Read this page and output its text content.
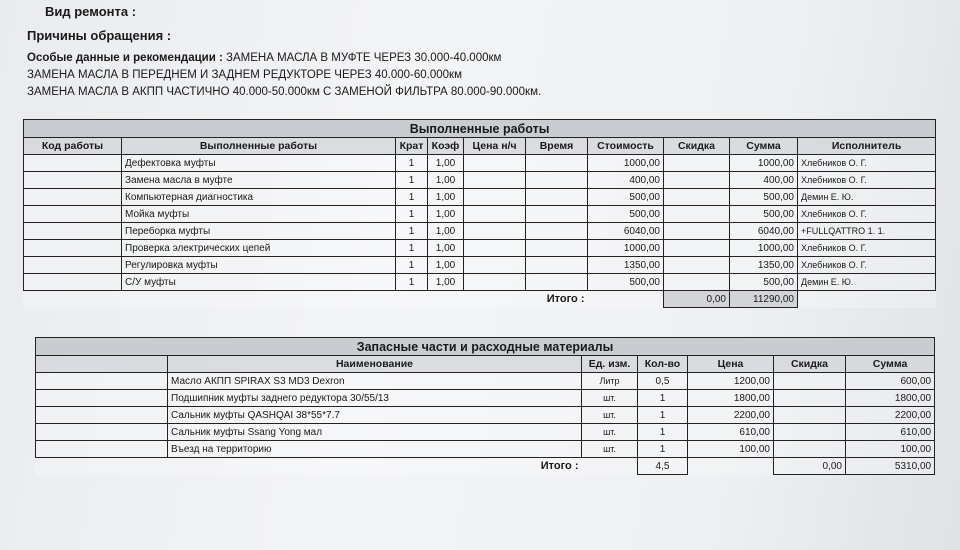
Вид ремонта :
Причины обращения :
Особые данные и рекомендации : ЗАМЕНА МАСЛА В МУФТЕ ЧЕРЕЗ 30.000-40.000км
ЗАМЕНА МАСЛА В ПЕРЕДНЕМ И ЗАДНЕМ РЕДУКТОРЕ ЧЕРЕЗ 40.000-60.000км
ЗАМЕНА МАСЛА В АКПП ЧАСТИЧНО 40.000-50.000км С ЗАМЕНОЙ ФИЛЬТРА 80.000-90.000км.
Выполненные работы									
Код работы	Выполненные работы	Крат	Коэф	Цена н/ч	Время	Стоимость	Скидка	Сумма	Исполнитель
	Дефектовка муфты	1	1,00			1000,00		1000,00	Хлебников О. Г.
	Замена масла в муфте	1	1,00			400,00		400,00	Хлебников О. Г.
	Компьютерная диагностика	1	1,00			500,00		500,00	Демин Е. Ю.
	Мойка муфты	1	1,00			500,00		500,00	Хлебников О. Г.
	Переборка муфты	1	1,00			6040,00		6040,00	+FULLQATTRO 1. 1.
	Проверка электрических цепей	1	1,00			1000,00		1000,00	Хлебников О. Г.
	Регулировка муфты	1	1,00			1350,00		1350,00	Хлебников О. Г.
	С/У муфты	1	1,00			500,00		500,00	Демин Е. Ю.
Итого :							0,00	11290,00	
Запасные части и расходные материалы						
	Наименование	Ед. изм.	Кол-во	Цена	Скидка	Сумма
	Масло АКПП SPIRAX S3 MD3 Dexron	Литр	0,5	1200,00		600,00
	Подшипник муфты заднего редуктора 30/55/13	шт.	1	1800,00		1800,00
	Сальник муфты QASHQAI 38*55*7.7	шт.	1	2200,00		2200,00
	Сальник муфты Ssang Yong мал	шт.	1	610,00		610,00
	Въезд на территорию	шт.	1	100,00		100,00
Итого :			4,5		0,00	5310,00
